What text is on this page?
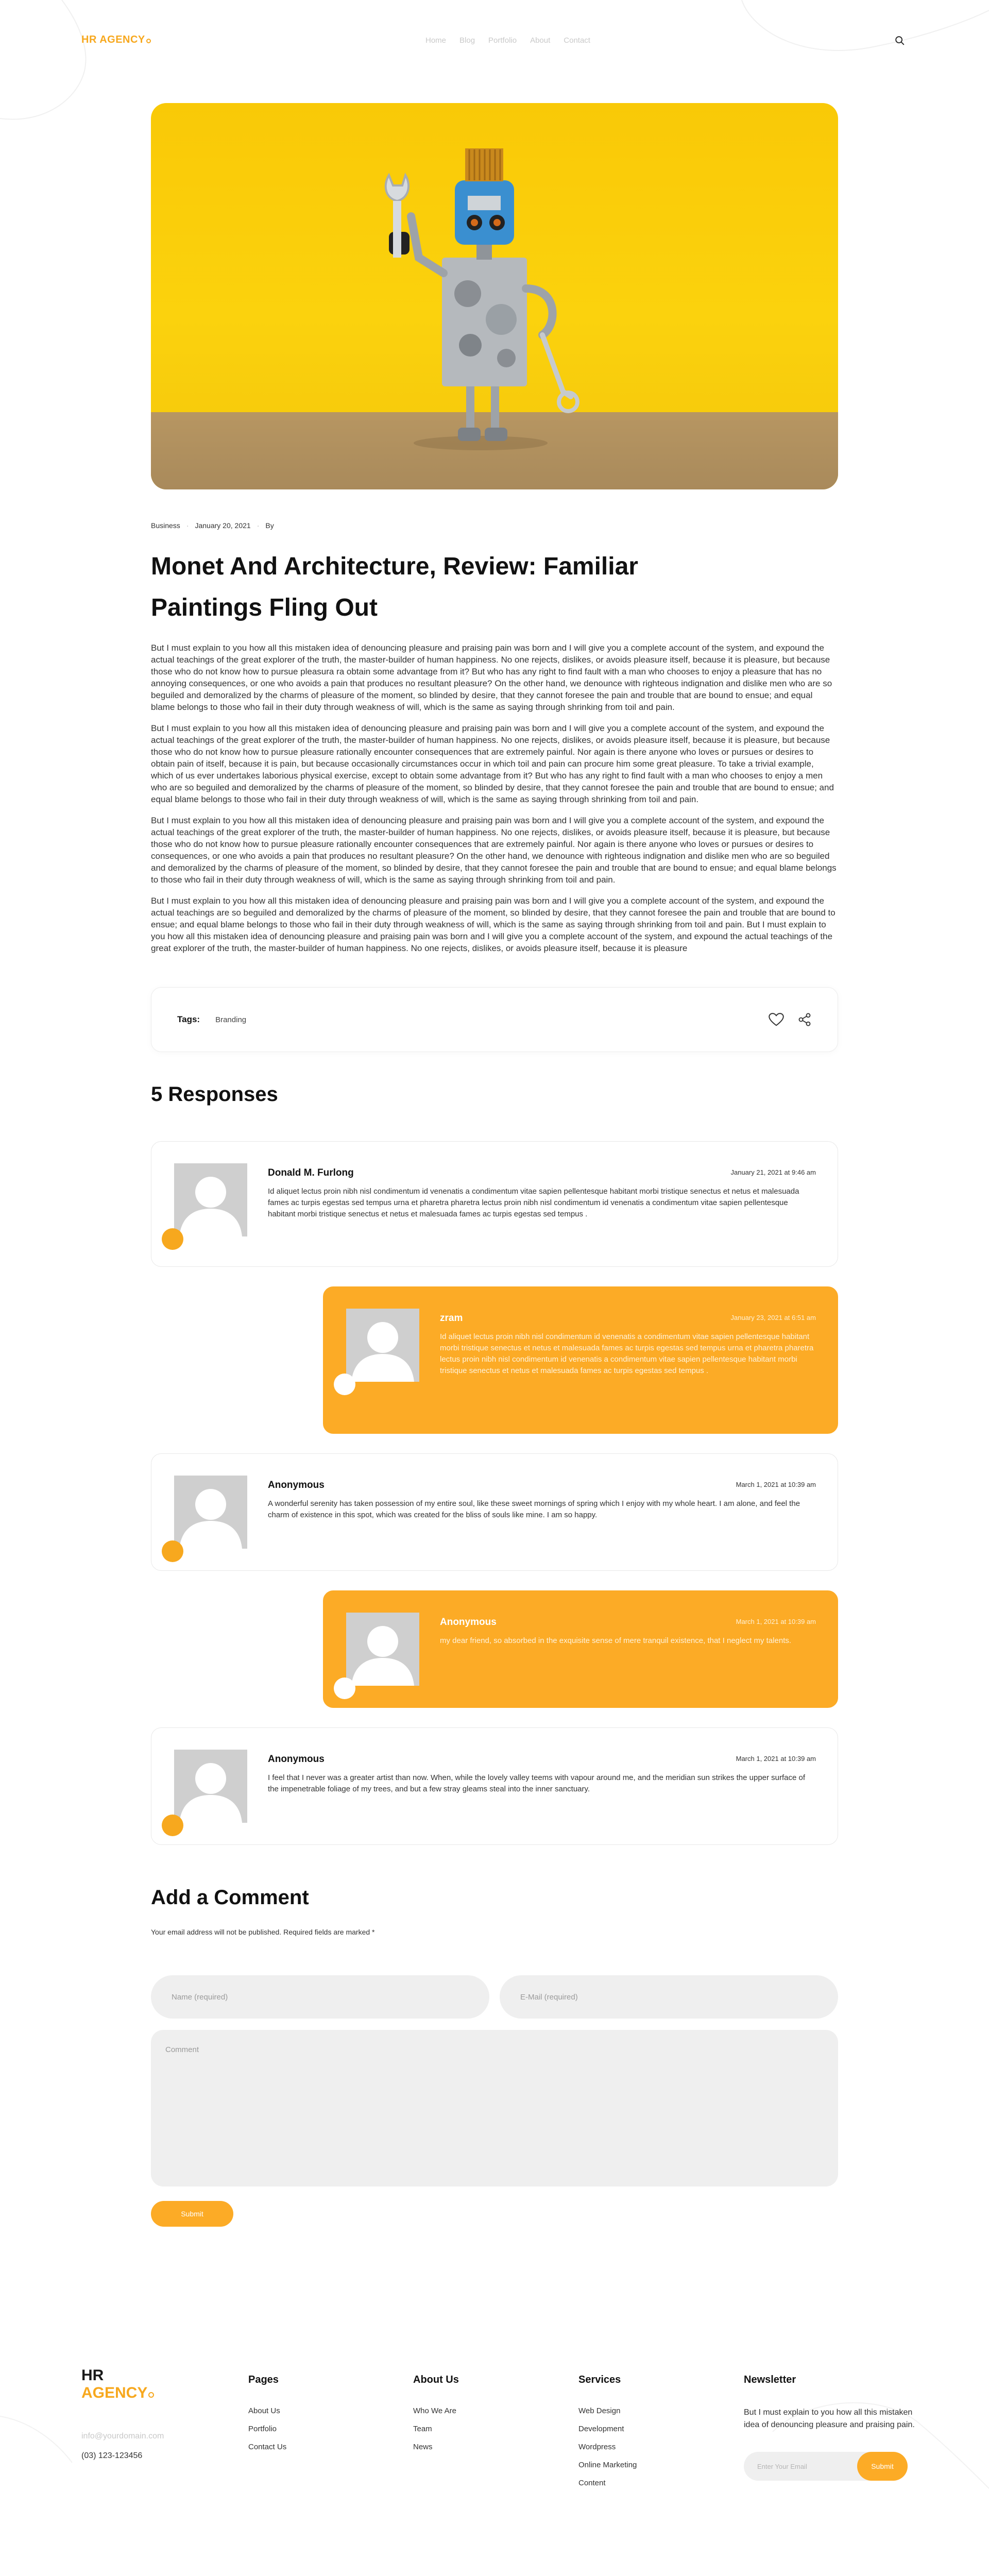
HR AGENCY	Home Blog Portfolio About Contact
Business · January 20, 2021 · By
Monet And Architecture, Review: Familiar Paintings Fling Out

But I must explain to you how all this mistaken idea of denouncing pleasure and praising pain was born and I will give you a complete account of the system, and expound the actual teachings of the great explorer of the truth, the master-builder of human happiness. No one rejects, dislikes, or avoids pleasure itself, because it is pleasure, but because those who do not know how to pursue pleasura ra obtain some advantage from it? But who has any right to find fault with a man who chooses to enjoy a pleasure that has no annoying consequences, or one who avoids a pain that produces no resultant pleasure? On the other hand, we denounce with righteous indignation and dislike men who are so beguiled and demoralized by the charms of pleasure of the moment, so blinded by desire, that they cannot foresee the pain and trouble that are bound to ensue; and equal blame belongs to those who fail in their duty through weakness of will, which is the same as saying through shrinking from toil and pain.

But I must explain to you how all this mistaken idea of denouncing pleasure and praising pain was born and I will give you a complete account of the system, and expound the actual teachings of the great explorer of the truth, the master-builder of human happiness. No one rejects, dislikes, or avoids pleasure itself, because it is pleasure, but because those who do not know how to pursue pleasure rationally encounter consequences that are extremely painful. Nor again is there anyone who loves or pursues or desires to obtain pain of itself, because it is pain, but because occasionally circumstances occur in which toil and pain can procure him some great pleasure. To take a trivial example, which of us ever undertakes laborious physical exercise, except to obtain some advantage from it? But who has any right to find fault with a man who chooses to enjoy a men who are so beguiled and demoralized by the charms of pleasure of the moment, so blinded by desire, that they cannot foresee the pain and trouble that are bound to ensue; and equal blame belongs to those who fail in their duty through weakness of will, which is the same as saying through shrinking from toil and pain.

But I must explain to you how all this mistaken idea of denouncing pleasure and praising pain was born and I will give you a complete account of the system, and expound the actual teachings of the great explorer of the truth, the master-builder of human happiness. No one rejects, dislikes, or avoids pleasure itself, because it is pleasure, but because those who do not know how to pursue pleasure rationally encounter consequences that are extremely painful. Nor again is there anyone who loves or pursues or desires to consequences, or one who avoids a pain that produces no resultant pleasure? On the other hand, we denounce with righteous indignation and dislike men who are so beguiled and demoralized by the charms of pleasure of the moment, so blinded by desire, that they cannot foresee the pain and trouble that are bound to ensue; and equal blame belongs to those who fail in their duty through weakness of will, which is the same as saying through shrinking from toil and pain.

But I must explain to you how all this mistaken idea of denouncing pleasure and praising pain was born and I will give you a complete account of the system, and expound the actual teachings are so beguiled and demoralized by the charms of pleasure of the moment, so blinded by desire, that they cannot foresee the pain and trouble that are bound to ensue; and equal blame belongs to those who fail in their duty through weakness of will, which is the same as saying through shrinking from toil and pain. But I must explain to you how all this mistaken idea of denouncing pleasure and praising pain was born and I will give you a complete account of the system, and expound the actual teachings of the great explorer of the truth, the master-builder of human happiness. No one rejects, dislikes, or avoids pleasure itself, because it is pleasure

Tags: Branding
5 Responses
Donald M. Furlong	January 21, 2021 at 9:46 am
Id aliquet lectus proin nibh nisl condimentum id venenatis a condimentum vitae sapien pellentesque habitant morbi tristique senectus et netus et malesuada fames ac turpis egestas sed tempus urna et pharetra pharetra lectus proin nibh nisl condimentum id venenatis a condimentum vitae sapien pellentesque habitant morbi tristique senectus et netus et malesuada fames ac turpis egestas sed tempus .
zram	January 23, 2021 at 6:51 am
Id aliquet lectus proin nibh nisl condimentum id venenatis a condimentum vitae sapien pellentesque habitant morbi tristique senectus et netus et malesuada fames ac turpis egestas sed tempus urna et pharetra pharetra lectus proin nibh nisl condimentum id venenatis a condimentum vitae sapien pellentesque habitant morbi tristique senectus et netus et malesuada fames ac turpis egestas sed tempus .
Anonymous	March 1, 2021 at 10:39 am
A wonderful serenity has taken possession of my entire soul, like these sweet mornings of spring which I enjoy with my whole heart. I am alone, and feel the charm of existence in this spot, which was created for the bliss of souls like mine. I am so happy.
Anonymous	March 1, 2021 at 10:39 am
my dear friend, so absorbed in the exquisite sense of mere tranquil existence, that I neglect my talents.
Anonymous	March 1, 2021 at 10:39 am
I feel that I never was a greater artist than now. When, while the lovely valley teems with vapour around me, and the meridian sun strikes the upper surface of the impenetrable foliage of my trees, and but a few stray gleams steal into the inner sanctuary.
Add a Comment

Your email address will not be published. Required fields are marked *

Name (required)
E-Mail (required)
Comment Submit
HR
AGENCY
info@yourdomain.com
(03) 123-123456
Pages
About Us
Portfolio
Contact Us
About Us
Who We Are
Team
News
Services
Web Design
Development
Wordpress
Online Marketing
Content
Newsletter

But I must explain to you how all this mistaken idea of denouncing pleasure and praising pain.

Enter Your Email
Submit
